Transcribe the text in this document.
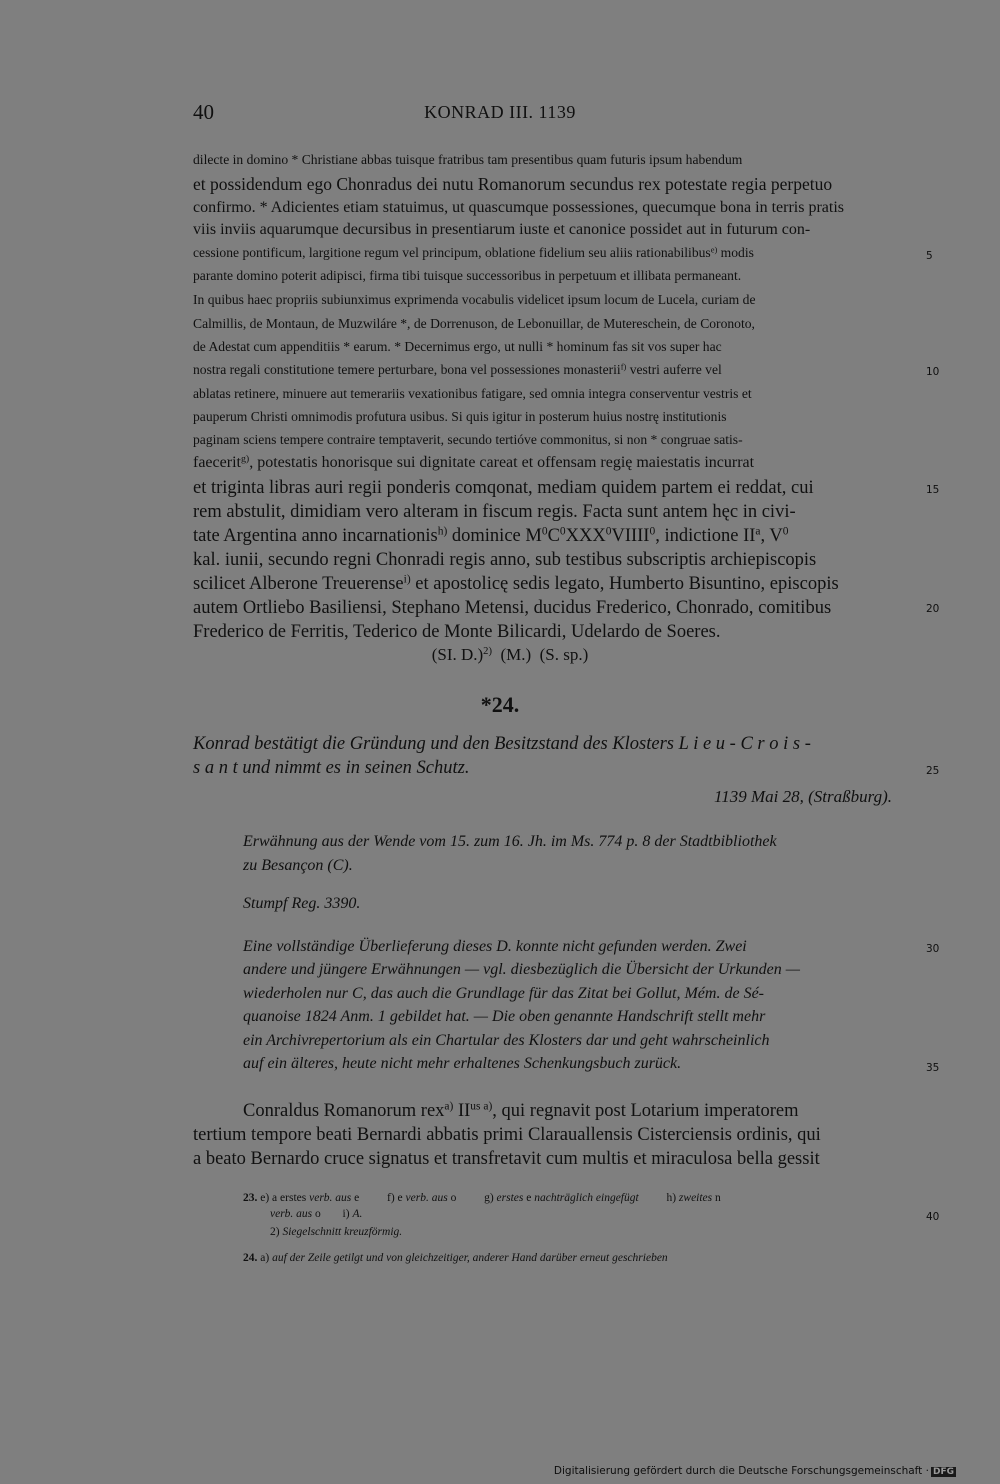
40	KONRAD III. 1139
dilecte in domino * Christiane abbas tuisque fratribus tam presentibus quam futuris ipsum habendum
et possidendum ego Chonradus dei nutu Romanorum secundus rex potestate regia perpetuo
confirmo. * Adicientes etiam statuimus, ut quascumque possessiones, quecumque bona in terris pratis
viis inviis aquarumque decursibus in presentiarum iuste et canonice possidet aut in futurum con-
cessione pontificum, largitione regum vel principum, oblatione fidelium seu aliis rationabilibus$^{e)}$ modis
parante domino poterit adipisci, firma tibi tuisque successoribus in perpetuum et illibata permaneant.
In quibus haec propriis subiunximus exprimenda vocabulis videlicet ipsum locum de Lucela, curiam de
Calmillis, de Montaun, de Muzwiláre *, de Dorrenuson, de Lebonuillar, de Mutereschein, de Coronoto,
de Adestat cum appenditiis * earum. * Decernimus ergo, ut nulli * hominum fas sit vos super hac
nostra regali constitutione temere perturbare, bona vel possessiones monasterii$^{f)}$ vestri auferre vel
ablatas retinere, minuere aut temerariis vexationibus fatigare, sed omnia integra conserventur vestris et
pauperum Christi omnimodis profutura usibus. Si quis igitur in posterum huius nostrę institutionis
paginam sciens tempere contraire temptaverit, secundo tertióve commonitus, si non * congruae satis-
faecerit$^{g)}$, potestatis honorisque sui dignitate careat et offensam regię maiestatis incurrat
et triginta libras auri regii ponderis comqonat, mediam quidem partem ei reddat, cui
rem abstulit, dimidiam vero alteram in fiscum regis. Facta sunt antem hęc in civi-
tate Argentina anno incarnationis$^{h)}$ dominice $M^0C^0XXX^0VIIII^0$, indictione $II^a$, $V^0$
kal. iunii, secundo regni Chonradi regis anno, sub testibus subscriptis archiepiscopis
scilicet Alberone Treuerense$^{i)}$ et apostolicę sedis legato, Humberto Bisuntino, episcopis
autem Ortliebo Basiliensi, Stephano Metensi, ducidus Frederico, Chonrado, comitibus
Frederico de Ferritis, Tederico de Monte Bilicardi, Udelardo de Soeres.
(SI. D.)$^{2)}$  (M.)  (S. sp.)
5
10
15
20
25
30
35
40
*24.
Konrad bestätigt die Gründung und den Besitzstand des Klosters L i e u - C r o i s -
s a n t und nimmt es in seinen Schutz.
1139 Mai 28, (Straßburg).
Erwähnung aus der Wende vom 15. zum 16. Jh. im Ms. 774 p. 8 der Stadtbibliothek
zu Besançon (C).
Stumpf Reg. 3390.
Eine vollständige Überlieferung dieses D. konnte nicht gefunden werden. Zwei
andere und jüngere Erwähnungen — vgl. diesbezüglich die Übersicht der Urkunden —
wiederholen nur C, das auch die Grundlage für das Zitat bei Gollut, Mém. de Sé-
quanoise 1824 Anm. 1 gebildet hat. — Die oben genannte Handschrift stellt mehr
ein Archivrepertorium als ein Chartular des Klosters dar und geht wahrscheinlich
auf ein älteres, heute nicht mehr erhaltenes Schenkungsbuch zurück.
Conraldus Romanorum rex$^{a)}$ $II^{us a)}$, qui regnavit post Lotarium imperatorem
tertium tempore beati Bernardi abbatis primi Clarauallensis Cisterciensis ordinis, qui
a beato Bernardo cruce signatus et transfretavit cum multis et miraculosa bella gessit
23. e) a erstes verb. aus e f) e verb. aus o g) erstes e nachträglich eingefügt h) zweites n
verb. aus o i) A.
2) Siegelschnitt kreuzförmig.
24. a) auf der Zeile getilgt und von gleichzeitiger, anderer Hand darüber erneut geschrieben
Digitalisierung gefördert durch die Deutsche Forschungsgemeinschaft · DFG
